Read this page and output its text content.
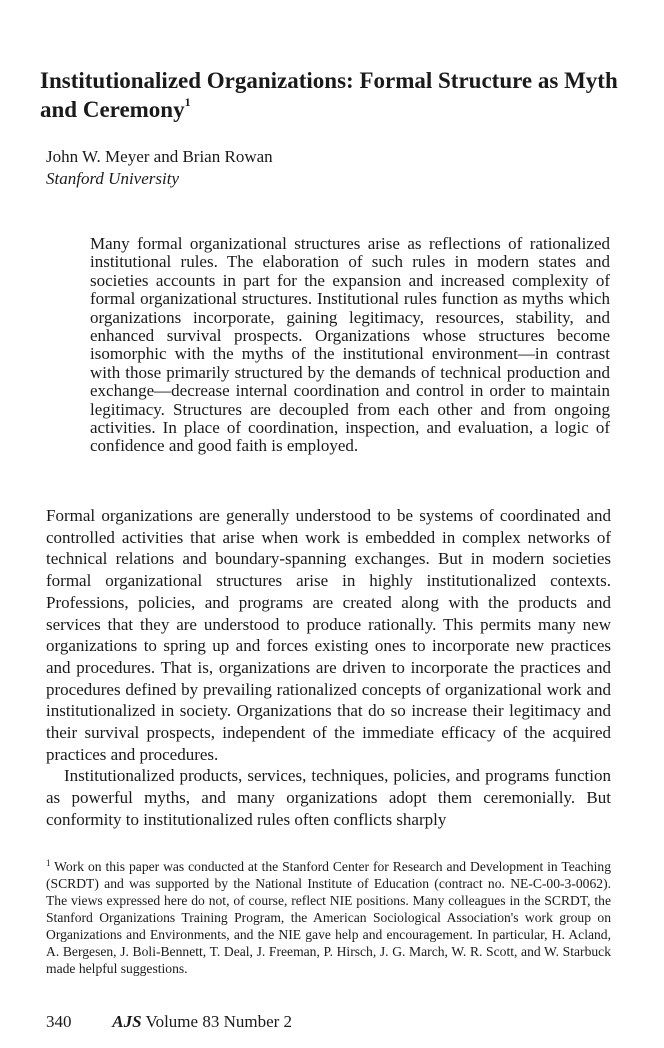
Institutionalized Organizations: Formal Structure as Myth and Ceremony$^1$
John W. Meyer and Brian Rowan
Stanford University

Many formal organizational structures arise as reflections of rationalized institutional rules. The elaboration of such rules in modern states and societies accounts in part for the expansion and increased complexity of formal organizational structures. Institutional rules function as myths which organizations incorporate, gaining legitimacy, resources, stability, and enhanced survival prospects. Organizations whose structures become isomorphic with the myths of the institutional environment—in contrast with those primarily structured by the demands of technical production and exchange—decrease internal coordination and control in order to maintain legitimacy. Structures are decoupled from each other and from ongoing activities. In place of coordination, inspection, and evaluation, a logic of confidence and good faith is employed.

Formal organizations are generally understood to be systems of coordinated and controlled activities that arise when work is embedded in complex networks of technical relations and boundary-spanning exchanges. But in modern societies formal organizational structures arise in highly institutionalized contexts. Professions, policies, and programs are created along with the products and services that they are understood to produce rationally. This permits many new organizations to spring up and forces existing ones to incorporate new practices and procedures. That is, organizations are driven to incorporate the practices and procedures defined by prevailing rationalized concepts of organizational work and institutionalized in society. Organizations that do so increase their legitimacy and their survival prospects, independent of the immediate efficacy of the acquired practices and procedures.

Institutionalized products, services, techniques, policies, and programs function as powerful myths, and many organizations adopt them ceremonially. But conformity to institutionalized rules often conflicts sharply

$^1$ Work on this paper was conducted at the Stanford Center for Research and Development in Teaching (SCRDT) and was supported by the National Institute of Education (contract no. NE-C-00-3-0062). The views expressed here do not, of course, reflect NIE positions. Many colleagues in the SCRDT, the Stanford Organizations Training Program, the American Sociological Association's work group on Organizations and Environments, and the NIE gave help and encouragement. In particular, H. Acland, A. Bergesen, J. Boli-Bennett, T. Deal, J. Freeman, P. Hirsch, J. G. March, W. R. Scott, and W. Starbuck made helpful suggestions.

340 AJS Volume 83 Number 2
